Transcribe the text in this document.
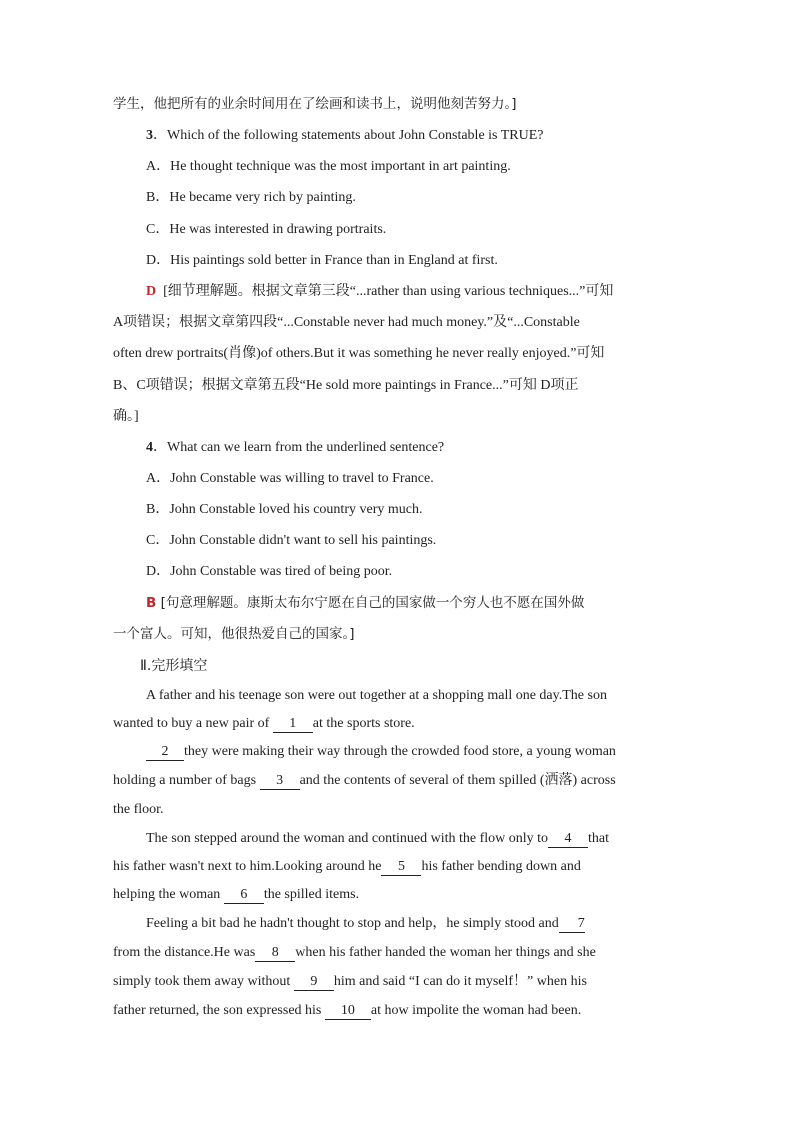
学生，他把所有的业余时间用在了绘画和读书上，说明他刻苦努力。]
3．Which of the following statements about John Constable is TRUE?
A．He thought technique was the most important in art painting.
B．He became very rich by painting.
C．He was interested in drawing portraits.
D．His paintings sold better in France than in England at first.
D [细节理解题。根据文章第三段“...rather than using various techniques...”可知
A项错误；根据文章第四段“...Constable never had much money.”及“...Constable
often drew portraits(肖像)of others.But it was something he never really enjoyed.”可知
B、C项错误；根据文章第五段“He sold more paintings in France...”可知 D项正
确。]
4．What can we learn from the underlined sentence?
A．John Constable was willing to travel to France.
B．John Constable loved his country very much.
C．John Constable didn't want to sell his paintings.
D．John Constable was tired of being poor.
B [句意理解题。康斯太布尔宁愿在自己的国家做一个穷人也不愿在国外做
一个富人。可知，他很热爱自己的国家。]
Ⅱ.完形填空
A father and his teenage son were out together at a shopping mall one day.The son
wanted to buy a new pair of 1 at the sports store.
2 they were making their way through the crowded food store, a young woman
holding a number of bags 3 and the contents of several of them spilled (洒落) across
the floor.
The son stepped around the woman and continued with the flow only to 4 that
his father wasn't next to him.Looking around he 5 his father bending down and
helping the woman 6 the spilled items.
Feeling a bit bad he hadn't thought to stop and help，he simply stood and 7
from the distance.He was 8 when his father handed the woman her things and she
simply took them away without 9 him and said “I can do it myself！” when his
father returned, the son expressed his 10 at how impolite the woman had been.
